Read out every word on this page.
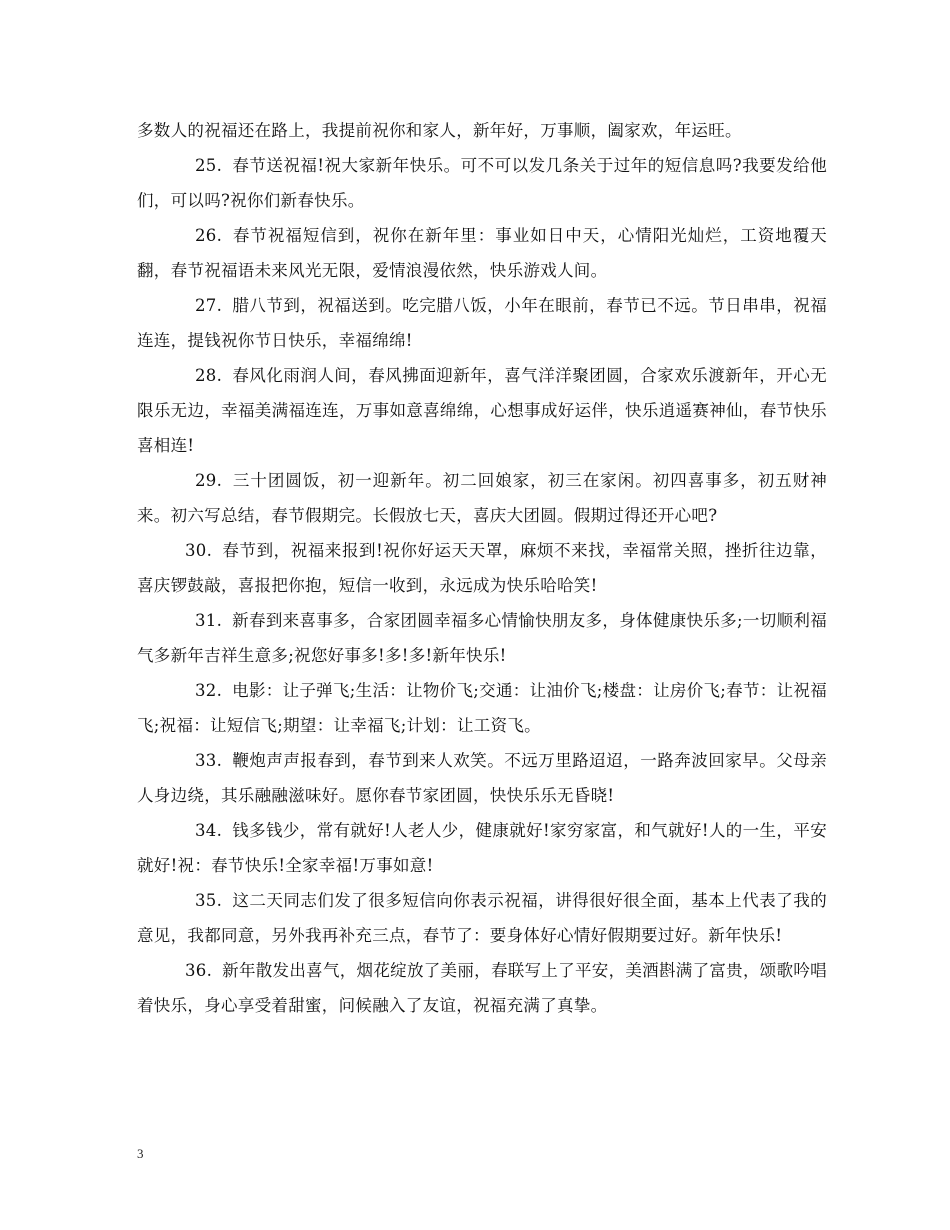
多数人的祝福还在路上，我提前祝你和家人，新年好，万事顺，阖家欢，年运旺。

25. 春节送祝福!祝大家新年快乐。可不可以发几条关于过年的短信息吗?我要发给他们，可以吗?祝你们新春快乐。

26. 春节祝福短信到，祝你在新年里：事业如日中天，心情阳光灿烂，工资地覆天翻，春节祝福语未来风光无限，爱情浪漫依然，快乐游戏人间。

27. 腊八节到，祝福送到。吃完腊八饭，小年在眼前，春节已不远。节日串串，祝福连连，提钱祝你节日快乐，幸福绵绵!

28. 春风化雨润人间，春风拂面迎新年，喜气洋洋聚团圆，合家欢乐渡新年，开心无限乐无边，幸福美满福连连，万事如意喜绵绵，心想事成好运伴，快乐逍遥赛神仙，春节快乐喜相连!

29. 三十团圆饭，初一迎新年。初二回娘家，初三在家闲。初四喜事多，初五财神来。初六写总结，春节假期完。长假放七天，喜庆大团圆。假期过得还开心吧?

30. 春节到，祝福来报到!祝你好运天天罩，麻烦不来找，幸福常关照，挫折往边靠，喜庆锣鼓敲，喜报把你抱，短信一收到，永远成为快乐哈哈笑!

31. 新春到来喜事多，合家团圆幸福多心情愉快朋友多，身体健康快乐多;一切顺利福气多新年吉祥生意多;祝您好事多!多!多!新年快乐!

32. 电影：让子弹飞;生活：让物价飞;交通：让油价飞;楼盘：让房价飞;春节：让祝福飞;祝福：让短信飞;期望：让幸福飞;计划：让工资飞。

33. 鞭炮声声报春到，春节到来人欢笑。不远万里路迢迢，一路奔波回家早。父母亲人身边绕，其乐融融滋味好。愿你春节家团圆，快快乐乐无昏晓!

34. 钱多钱少，常有就好!人老人少，健康就好!家穷家富，和气就好!人的一生，平安就好!祝：春节快乐!全家幸福!万事如意!

35. 这二天同志们发了很多短信向你表示祝福，讲得很好很全面，基本上代表了我的意见，我都同意，另外我再补充三点，春节了：要身体好心情好假期要过好。新年快乐!

36. 新年散发出喜气，烟花绽放了美丽，春联写上了平安，美酒斟满了富贵，颂歌吟唱着快乐，身心享受着甜蜜，问候融入了友谊，祝福充满了真挚。

3
